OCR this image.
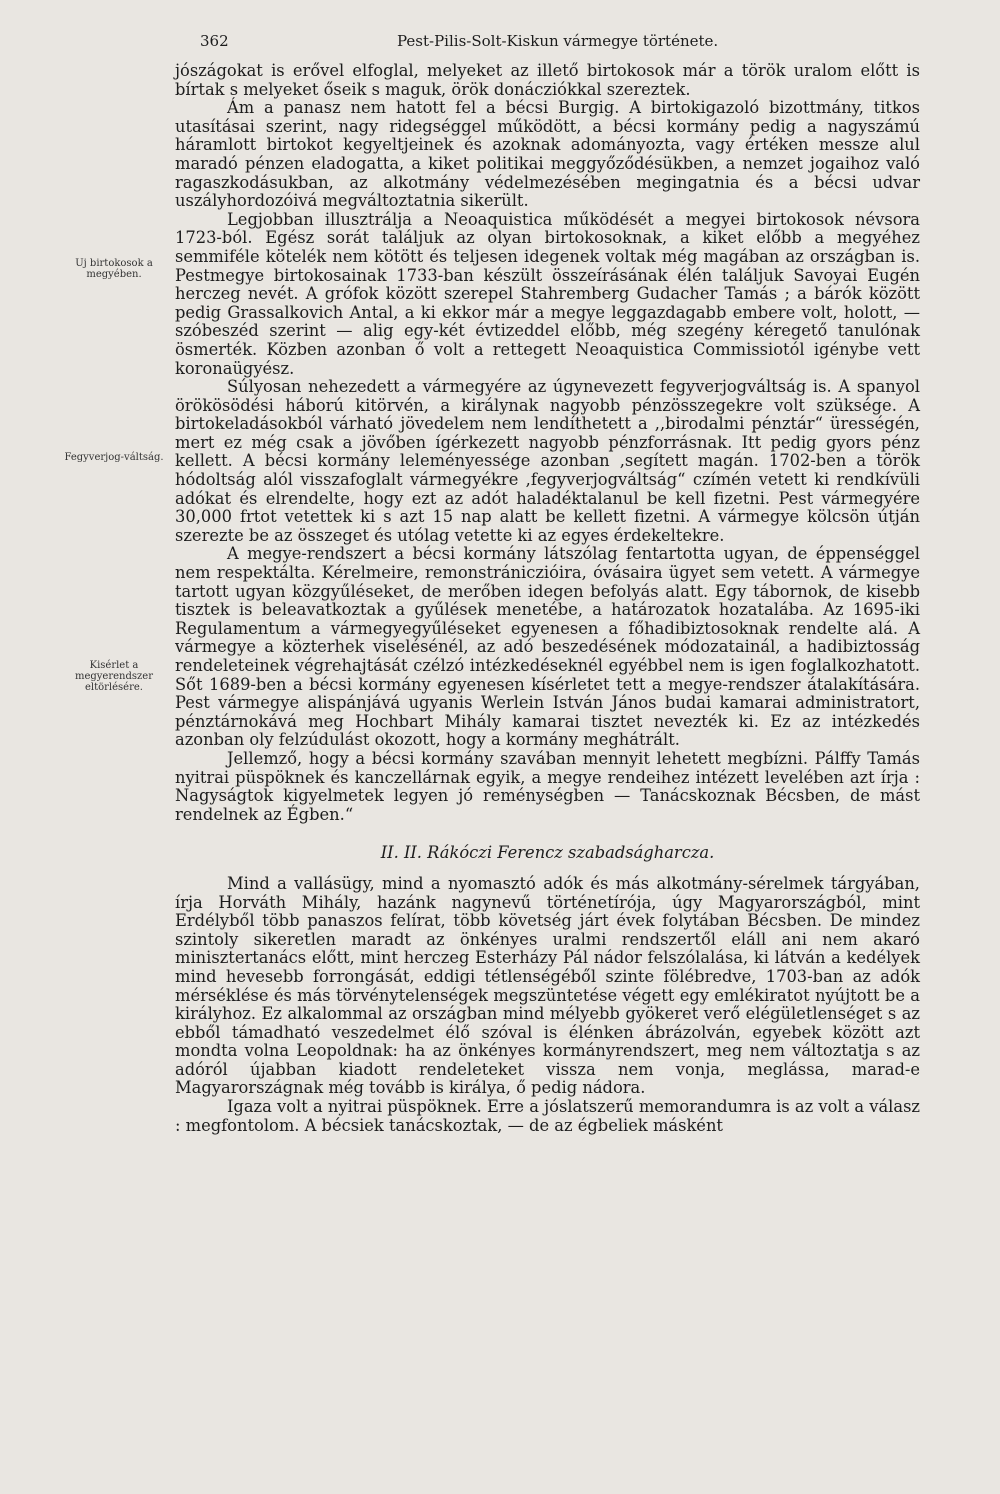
362	Pest-Pilis-Solt-Kiskun vármegye története.
Uj birtokosok a megyében.
Fegyverjog-váltság.
Kisérlet a megyerendszer eltörlésére.

jószágokat is erővel elfoglal, melyeket az illető birtokosok már a török uralom előtt is bírtak s melyeket őseik s maguk, örök donácziókkal szereztek.

Ám a panasz nem hatott fel a bécsi Burgig. A birtokigazoló bizottmány, titkos utasításai szerint, nagy ridegséggel működött, a bécsi kormány pedig a nagyszámú háramlott birtokot kegyeltjeinek és azoknak adományozta, vagy értéken messze alul maradó pénzen eladogatta, a kiket politikai meggyőződésükben, a nemzet jogaihoz való ragaszkodásukban, az alkotmány védelmezésében megingatnia és a bécsi udvar uszályhordozóivá megváltoztatnia sikerült.

Legjobban illusztrálja a Neoaquistica működését a megyei birtokosok névsora 1723-ból. Egész sorát találjuk az olyan birtokosoknak, a kiket előbb a megyéhez semmiféle kötelék nem kötött és teljesen idegenek voltak még magában az országban is. Pestmegye birtokosainak 1733-ban készült összeírásának élén találjuk Savoyai Eugén herczeg nevét. A grófok között szerepel Stahremberg Gudacher Tamás ; a bárók között pedig Grassalkovich Antal, a ki ekkor már a megye leggazdagabb embere volt, holott, — szóbeszéd szerint — alig egy-két évtizeddel előbb, még szegény kéregető tanulónak ösmerték. Közben azonban ő volt a rettegett Neoaquistica Commissiotól igénybe vett koronaügyész.

Súlyosan nehezedett a vármegyére az úgynevezett fegyverjogváltság is. A spanyol örökösödési háború kitörvén, a királynak nagyobb pénzösszegekre volt szüksége. A birtokeladásokból várható jövedelem nem lendíthetett a ,,birodalmi pénztár“ ürességén, mert ez még csak a jövőben ígérkezett nagyobb pénzforrásnak. Itt pedig gyors pénz kellett. A bécsi kormány leleményessége azonban ,segített magán. 1702-ben a török hódoltság alól visszafoglalt vármegyékre ,fegyverjogváltság“ czímén vetett ki rendkívüli adókat és elrendelte, hogy ezt az adót haladéktalanul be kell fizetni. Pest vármegyére 30,000 frtot vetettek ki s azt 15 nap alatt be kellett fizetni. A vármegye kölcsön útján szerezte be az összeget és utólag vetette ki az egyes érdekeltekre.

A megye-rendszert a bécsi kormány látszólag fentartotta ugyan, de éppenséggel nem respektálta. Kérelmeire, remonstrániczióira, óvásaira ügyet sem vetett. A vármegye tartott ugyan közgyűléseket, de merőben idegen befolyás alatt. Egy tábornok, de kisebb tisztek is beleavatkoztak a gyűlések menetébe, a határozatok hozatalába. Az 1695-iki Regulamentum a vármegyegyűléseket egyenesen a főhadibiztosoknak rendelte alá. A vármegye a közterhek viselésénél, az adó beszedésének módozatainál, a hadibiztosság rendeleteinek végrehajtását czélzó intézkedéseknél egyébbel nem is igen foglalkozhatott. Sőt 1689-ben a bécsi kormány egyenesen kísérletet tett a megye-rendszer átalakítására. Pest vármegye alispánjává ugyanis Werlein István János budai kamarai administratort, pénztárnokává meg Hochbart Mihály kamarai tisztet nevezték ki. Ez az intézkedés azonban oly felzúdulást okozott, hogy a kormány meghátrált.

Jellemző, hogy a bécsi kormány szavában mennyit lehetett megbízni. Pálffy Tamás nyitrai püspöknek és kanczellárnak egyik, a megye rendeihez intézett levelében azt írja : Nagyságtok kigyelmetek legyen jó reménységben — Tanácskoznak Bécsben, de mást rendelnek az Égben.“

II. II. Rákóczi Ferencz szabadságharcza.

Mind a vallásügy, mind a nyomasztó adók és más alkotmány-sérelmek tárgyában, írja Horváth Mihály, hazánk nagynevű történetírója, úgy Magyarországból, mint Erdélyből több panaszos felírat, több követség járt évek folytában Bécsben. De mindez szintoly sikeretlen maradt az önkényes uralmi rendszertől eláll ani nem akaró minisztertanács előtt, mint herczeg Esterházy Pál nádor felszólalása, ki látván a kedélyek mind hevesebb forrongását, eddigi tétlenségéből szinte fölébredve, 1703-ban az adók mérséklése és más törvénytelenségek megszüntetése végett egy emlékiratot nyújtott be a királyhoz. Ez alkalommal az országban mind mélyebb gyökeret verő elégületlenséget s az ebből támadható veszedelmet élő szóval is élénken ábrázolván, egyebek között azt mondta volna Leopoldnak: ha az önkényes kormányrendszert, meg nem változtatja s az adóról újabban kiadott rendeleteket vissza nem vonja, meglássa, marad-e Magyarországnak még tovább is királya, ő pedig nádora.

Igaza volt a nyitrai püspöknek. Erre a jóslatszerű memorandumra is az volt a válasz : megfontolom. A bécsiek tanácskoztak, — de az égbeliek másként
